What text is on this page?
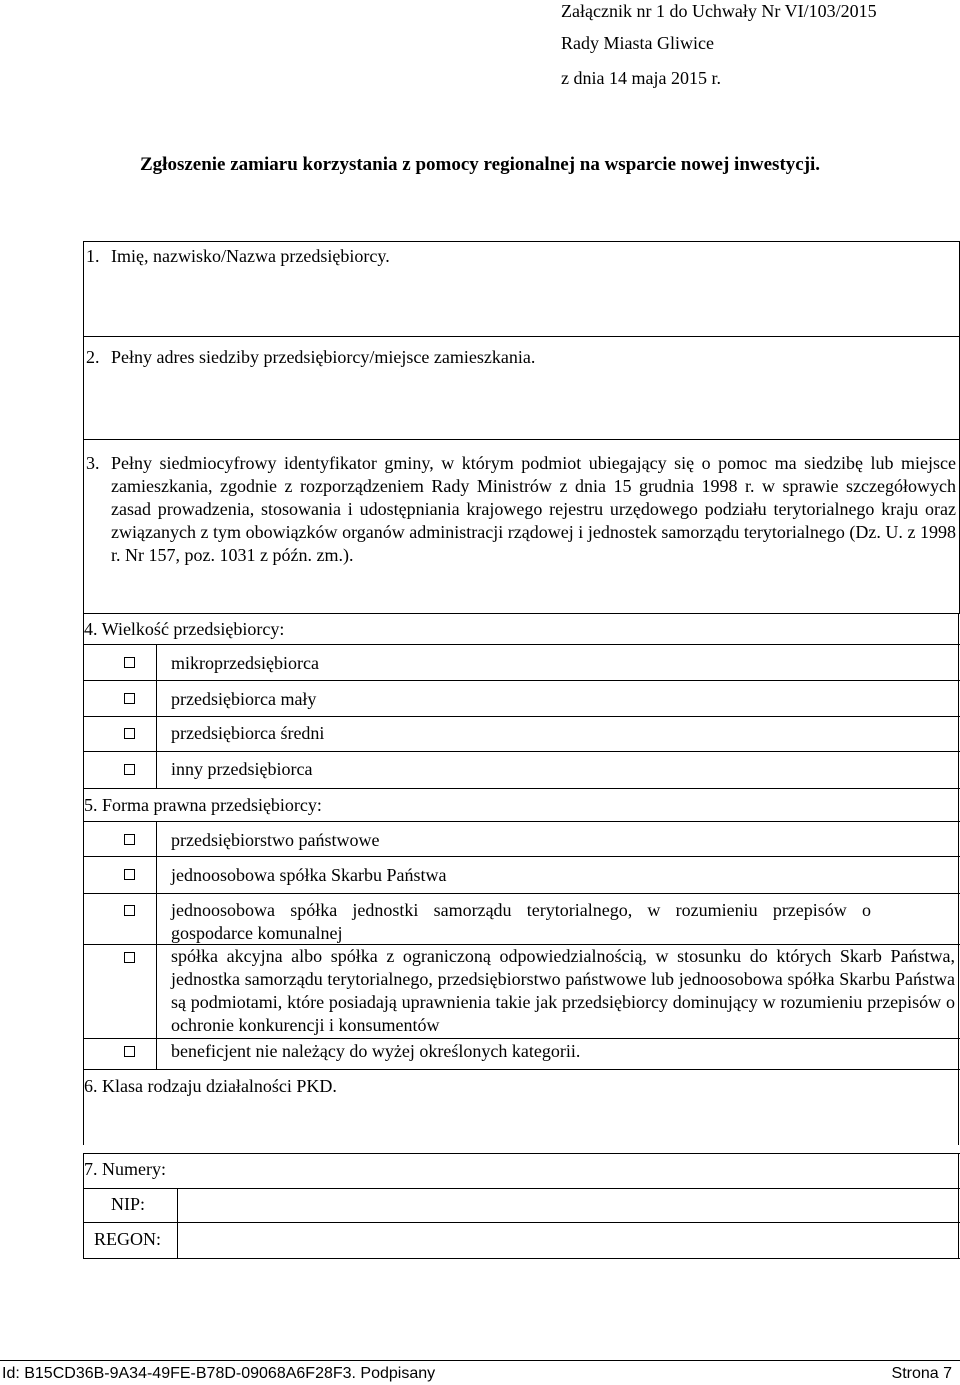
Załącznik nr 1 do Uchwały Nr VI/103/2015
Rady Miasta Gliwice
z dnia 14 maja 2015 r.
Zgłoszenie zamiaru korzystania z pomocy regionalnej na wsparcie nowej inwestycji.
1. Imię, nazwisko/Nazwa przedsiębiorcy.
2. Pełny adres siedziby przedsiębiorcy/miejsce zamieszkania.
3. Pełny siedmiocyfrowy identyfikator gminy, w którym podmiot ubiegający się o pomoc ma siedzibę lub miejsce zamieszkania, zgodnie z rozporządzeniem Rady Ministrów z dnia 15 grudnia 1998 r. w sprawie szczegółowych zasad prowadzenia, stosowania i udostępniania krajowego rejestru urzędowego podziału terytorialnego kraju oraz związanych z tym obowiązków organów administracji rządowej i jednostek samorządu terytorialnego (Dz. U. z 1998 r. Nr 157, poz. 1031 z późn. zm.).
4. Wielkość przedsiębiorcy:
mikroprzedsiębiorca
przedsiębiorca mały
przedsiębiorca średni
inny przedsiębiorca
5. Forma prawna przedsiębiorcy:
przedsiębiorstwo państwowe
jednoosobowa spółka Skarbu Państwa
jednoosobowa spółka jednostki samorządu terytorialnego, w rozumieniu przepisów o gospodarce komunalnej
spółka akcyjna albo spółka z ograniczoną odpowiedzialnością, w stosunku do których Skarb Państwa, jednostka samorządu terytorialnego, przedsiębiorstwo państwowe lub jednoosobowa spółka Skarbu Państwa są podmiotami, które posiadają uprawnienia takie jak przedsiębiorcy dominujący w rozumieniu przepisów o ochronie konkurencji i konsumentów
beneficjent nie należący do wyżej określonych kategorii.
6. Klasa rodzaju działalności PKD.
7. Numery:
NIP:
REGON:
Id: B15CD36B-9A34-49FE-B78D-09068A6F28F3. Podpisany	Strona 7
